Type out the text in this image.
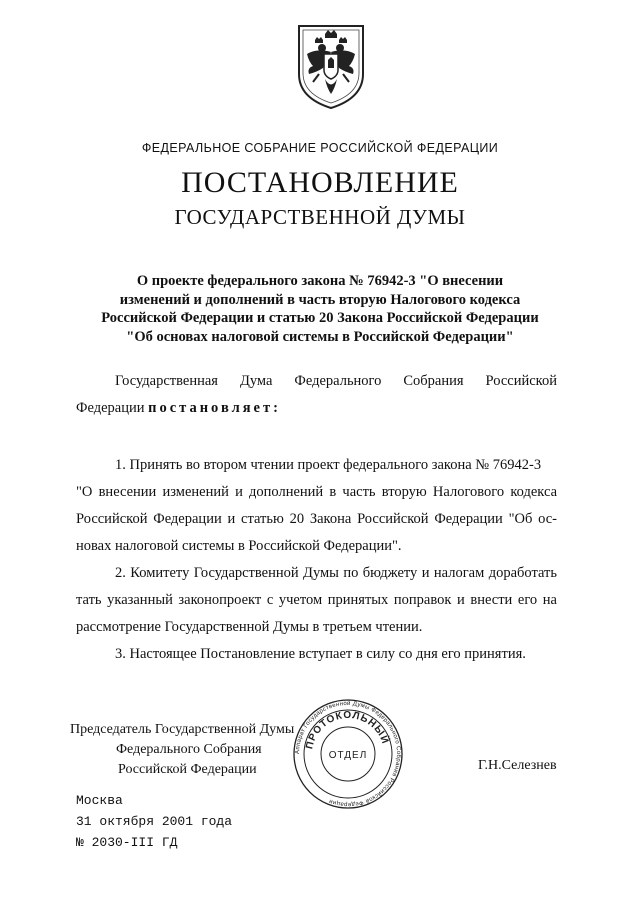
ФЕДЕРАЛЬНОЕ СОБРАНИЕ РОССИЙСКОЙ ФЕДЕРАЦИИ
ПОСТАНОВЛЕНИЕ
ГОСУДАРСТВЕННОЙ ДУМЫ
О проекте федерального закона № 76942-3 "О внесении
изменений и дополнений в часть вторую Налогового кодекса
Российской Федерации и статью 20 Закона Российской Федерации
"Об основах налоговой системы в Российской Федерации"
Государственная Дума Федерального Собрания Российской
Федерации постановляет:
1. Принять во втором чтении проект федерального закона № 76942-3
"О внесении изменений и дополнений в часть вторую Налогового кодекса
Российской Федерации и статью 20 Закона Российской Федерации "Об ос-
новах налоговой системы в Российской Федерации".
2. Комитету Государственной Думы по бюджету и налогам доработать
тать указанный законопроект с учетом принятых поправок и внести его на
рассмотрение Государственной Думы в третьем чтении.
3. Настоящее Постановление вступает в силу со дня его принятия.
Председатель Государственной Думы
Федерального Собрания
Российской Федерации	Г.Н.Селезнев
Аппарат Государственной Думы Федерального Собрания Российской Федерации
ПРОТОКОЛЬНЫЙ
ОТДЕЛ
Москва
31 октября 2001 года
№ 2030-III ГД
